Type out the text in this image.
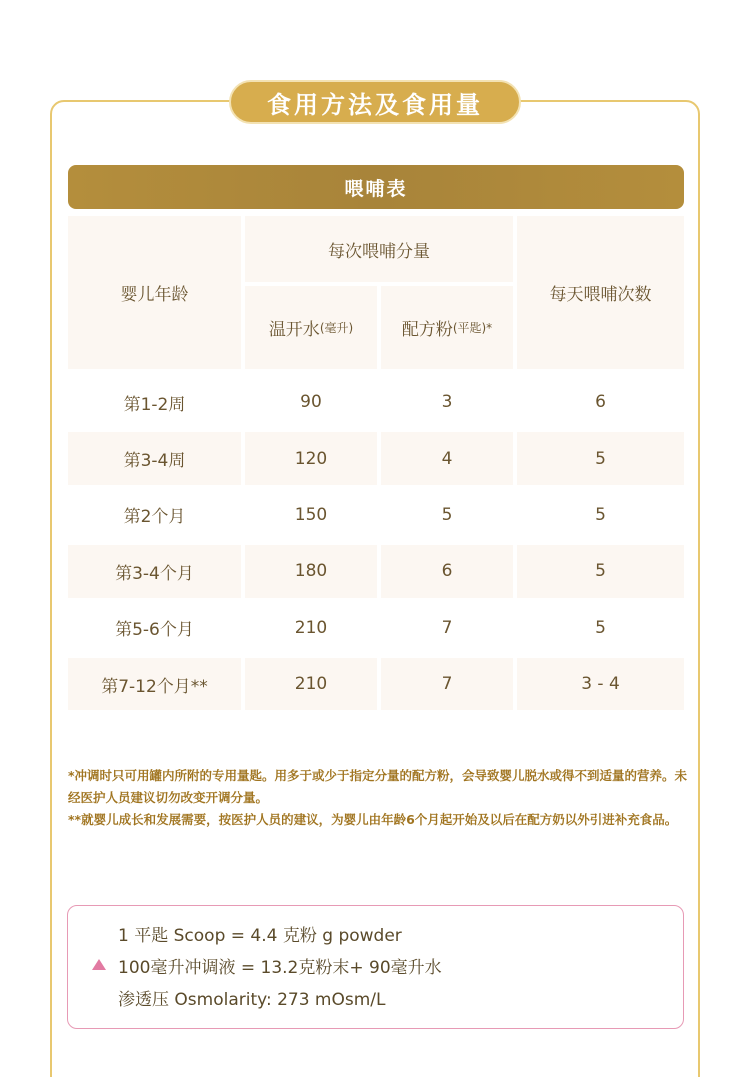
食用方法及食用量
喂哺表
婴儿年龄
每次喂哺分量
温开水 (毫升)	配方粉 (平匙)*
每天喂哺次数
第1-2周	90	3	6
第3-4周	120	4	5
第2个月	150	5	5
第3-4个月	180	6	5
第5-6个月	210	7	5
第7-12个月**	210	7	3 - 4

*冲调时只可用罐内所附的专用量匙。用多于或少于指定分量的配方粉，会导致婴儿脱水或得不到适量的营养。未经医护人员建议切勿改变开调分量。

**就婴儿成长和发展需要，按医护人员的建议，为婴儿由年龄6个月起开始及以后在配方奶以外引进补充食品。

1 平匙 Scoop = 4.4 克粉 g powder
100毫升冲调液 = 13.2克粉末+ 90毫升水
渗透压 Osmolarity: 273 mOsm/L
